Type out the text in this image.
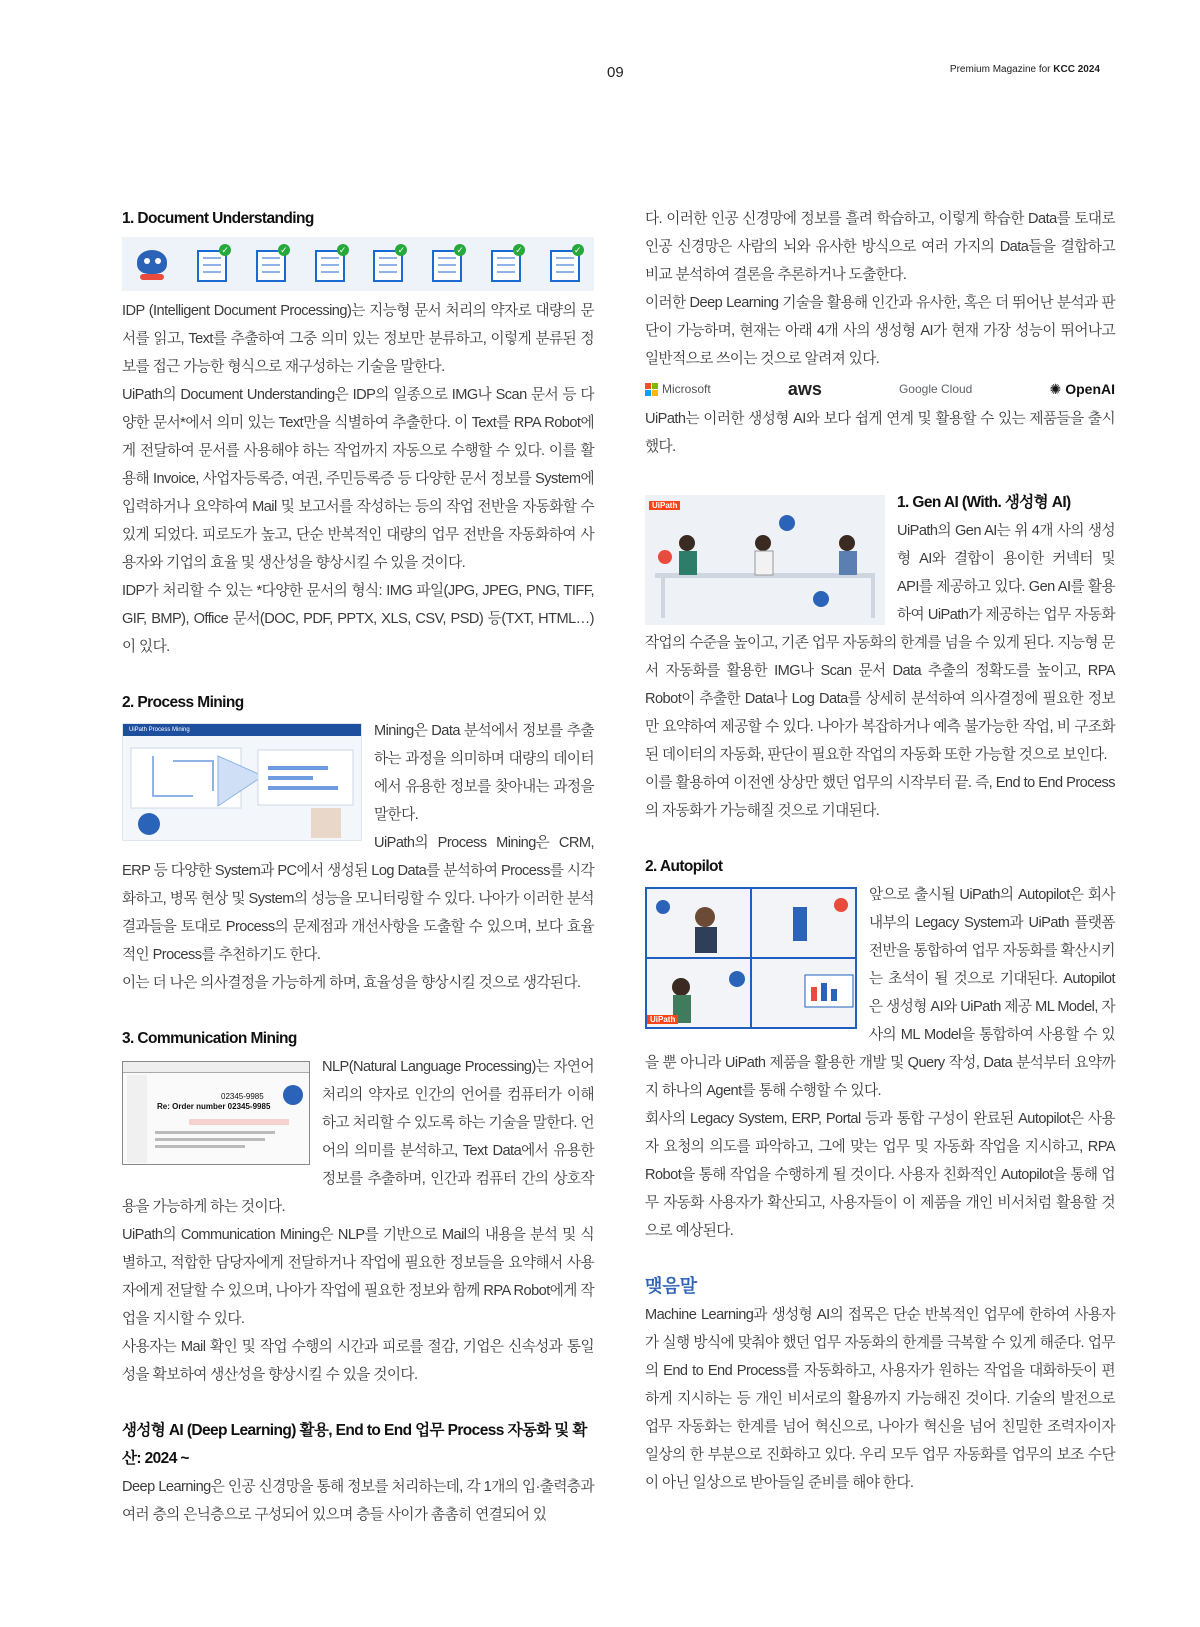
09	Premium Magazine for KCC 2024
1. Document Understanding
✓	✓	✓	✓	✓	✓	✓

IDP (Intelligent Document Processing)는 지능형 문서 처리의 약자로 대량의 문서를 읽고, Text를 추출하여 그중 의미 있는 정보만 분류하고, 이렇게 분류된 정보를 접근 가능한 형식으로 재구성하는 기술을 말한다.

UiPath의 Document Understanding은 IDP의 일종으로 IMG나 Scan 문서 등 다양한 문서*에서 의미 있는 Text만을 식별하여 추출한다. 이 Text를 RPA Robot에게 전달하여 문서를 사용해야 하는 작업까지 자동으로 수행할 수 있다. 이를 활용해 Invoice, 사업자등록증, 여권, 주민등록증 등 다양한 문서 정보를 System에 입력하거나 요약하여 Mail 및 보고서를 작성하는 등의 작업 전반을 자동화할 수 있게 되었다. 피로도가 높고, 단순 반복적인 대량의 업무 전반을 자동화하여 사용자와 기업의 효율 및 생산성을 향상시킬 수 있을 것이다.

IDP가 처리할 수 있는 *다양한 문서의 형식: IMG 파일(JPG, JPEG, PNG, TIFF, GIF, BMP), Office 문서(DOC, PDF, PPTX, XLS, CSV, PSD) 등(TXT, HTML…)이 있다.

2. Process Mining
UiPath Process Mining	Mining은 Data 분석에서 정보를 추출하는 과정을 의미하며 대량의 데이터에서 유용한 정보를 찾아내는 과정을 말한다.

UiPath의 Process Mining은 CRM, ERP 등 다양한 System과 PC에서 생성된 Log Data를 분석하여 Process를 시각화하고, 병목 현상 및 System의 성능을 모니터링할 수 있다. 나아가 이러한 분석 결과들을 토대로 Process의 문제점과 개선사항을 도출할 수 있으며, 보다 효율적인 Process를 추천하기도 한다.

이는 더 나은 의사결정을 가능하게 하며, 효율성을 향상시킬 것으로 생각된다.

3. Communication Mining
02345-9985
Re: Order number 02345-9985

NLP(Natural Language Processing)는 자연어 처리의 약자로 인간의 언어를 컴퓨터가 이해하고 처리할 수 있도록 하는 기술을 말한다. 언어의 의미를 분석하고, Text Data에서 유용한 정보를 추출하며, 인간과 컴퓨터 간의 상호작용을 가능하게 하는 것이다.

UiPath의 Communication Mining은 NLP를 기반으로 Mail의 내용을 분석 및 식별하고, 적합한 담당자에게 전달하거나 작업에 필요한 정보들을 요약해서 사용자에게 전달할 수 있으며, 나아가 작업에 필요한 정보와 함께 RPA Robot에게 작업을 지시할 수 있다.

사용자는 Mail 확인 및 작업 수행의 시간과 피로를 절감, 기업은 신속성과 통일성을 확보하여 생산성을 향상시킬 수 있을 것이다.

생성형 AI (Deep Learning) 활용, End to End 업무 Process 자동화 및 확산: 2024 ~

Deep Learning은 인공 신경망을 통해 정보를 처리하는데, 각 1개의 입·출력층과 여러 층의 은닉층으로 구성되어 있으며 층들 사이가 촘촘히 연결되어 있

다. 이러한 인공 신경망에 정보를 흘려 학습하고, 이렇게 학습한 Data를 토대로 인공 신경망은 사람의 뇌와 유사한 방식으로 여러 가지의 Data들을 결합하고 비교 분석하여 결론을 추론하거나 도출한다.

이러한 Deep Learning 기술을 활용해 인간과 유사한, 혹은 더 뛰어난 분석과 판단이 가능하며, 현재는 아래 4개 사의 생성형 AI가 현재 가장 성능이 뛰어나고 일반적으로 쓰이는 것으로 알려져 있다.

Microsoft	aws	Google Cloud	✺ OpenAI

UiPath는 이러한 생성형 AI와 보다 쉽게 연계 및 활용할 수 있는 제품들을 출시했다.

UiPath	1. Gen AI (With. 생성형 AI)

UiPath의 Gen AI는 위 4개 사의 생성형 AI와 결합이 용이한 커넥터 및 API를 제공하고 있다. Gen AI를 활용하여 UiPath가 제공하는 업무 자동화 작업의 수준을 높이고, 기존 업무 자동화의 한계를 넘을 수 있게 된다. 지능형 문서 자동화를 활용한 IMG나 Scan 문서 Data 추출의 정확도를 높이고, RPA Robot이 추출한 Data나 Log Data를 상세히 분석하여 의사결정에 필요한 정보만 요약하여 제공할 수 있다. 나아가 복잡하거나 예측 불가능한 작업, 비 구조화된 데이터의 자동화, 판단이 필요한 작업의 자동화 또한 가능할 것으로 보인다.

이를 활용하여 이전엔 상상만 했던 업무의 시작부터 끝. 즉, End to End Process의 자동화가 가능해질 것으로 기대된다.

2. Autopilot
UiPath

앞으로 출시될 UiPath의 Autopilot은 회사 내부의 Legacy System과 UiPath 플랫폼 전반을 통합하여 업무 자동화를 확산시키는 초석이 될 것으로 기대된다. Autopilot은 생성형 AI와 UiPath 제공 ML Model, 자사의 ML Model을 통합하여 사용할 수 있을 뿐 아니라 UiPath 제품을 활용한 개발 및 Query 작성, Data 분석부터 요약까지 하나의 Agent를 통해 수행할 수 있다.

회사의 Legacy System, ERP, Portal 등과 통합 구성이 완료된 Autopilot은 사용자 요청의 의도를 파악하고, 그에 맞는 업무 및 자동화 작업을 지시하고, RPA Robot을 통해 작업을 수행하게 될 것이다. 사용자 친화적인 Autopilot을 통해 업무 자동화 사용자가 확산되고, 사용자들이 이 제품을 개인 비서처럼 활용할 것으로 예상된다.

맺음말

Machine Learning과 생성형 AI의 접목은 단순 반복적인 업무에 한하여 사용자가 실행 방식에 맞춰야 했던 업무 자동화의 한계를 극복할 수 있게 해준다. 업무의 End to End Process를 자동화하고, 사용자가 원하는 작업을 대화하듯이 편하게 지시하는 등 개인 비서로의 활용까지 가능해진 것이다. 기술의 발전으로 업무 자동화는 한계를 넘어 혁신으로, 나아가 혁신을 넘어 친밀한 조력자이자 일상의 한 부분으로 진화하고 있다. 우리 모두 업무 자동화를 업무의 보조 수단이 아닌 일상으로 받아들일 준비를 해야 한다.
